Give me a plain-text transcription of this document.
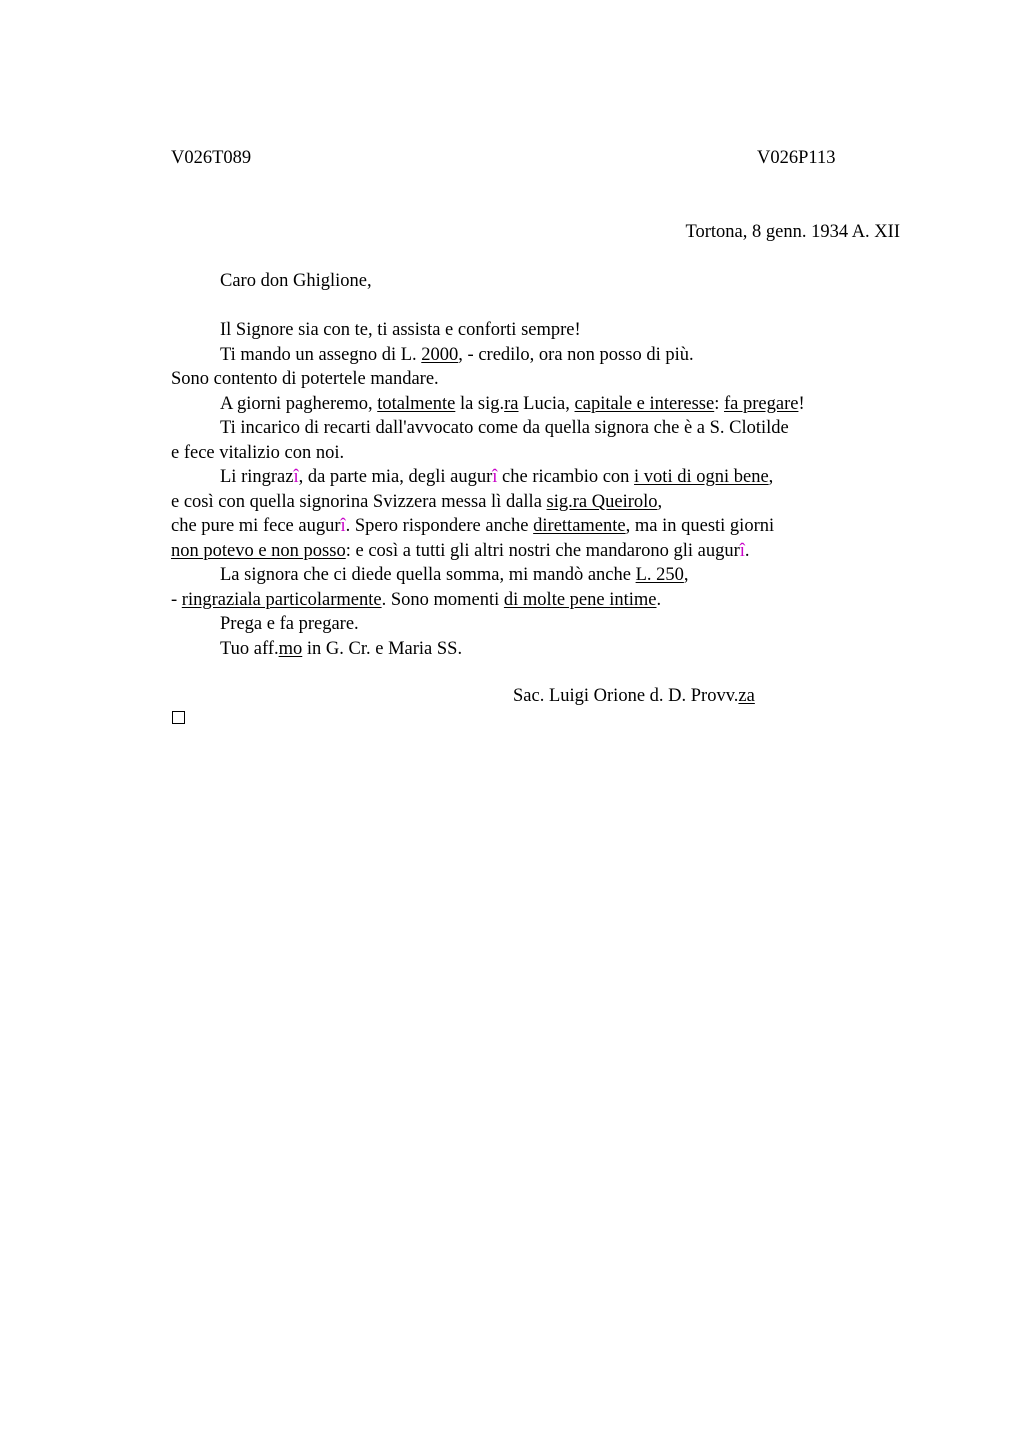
V026T089	V026P113
Tortona, 8 genn. 1934 A. XII
Caro don Ghiglione,
Il Signore sia con te, ti assista e conforti sempre!
Ti mando un assegno di L. 2000, - credilo, ora non posso di più.
Sono contento di potertele mandare.
A giorni pagheremo, totalmente la sig.ra Lucia, capitale e interesse: fa pregare!
Ti incarico di recarti dall'avvocato come da quella signora che è a S. Clotilde
e fece vitalizio con noi.
Li ringrazî, da parte mia, degli augurî che ricambio con i voti di ogni bene,
e così con quella signorina Svizzera messa lì dalla sig.ra Queirolo,
che pure mi fece augurî. Spero rispondere anche direttamente, ma in questi giorni
non potevo e non posso: e così a tutti gli altri nostri che mandarono gli augurî.
La signora che ci diede quella somma, mi mandò anche L. 250,
- ringraziala particolarmente. Sono momenti di molte pene intime.
Prega e fa pregare.
Tuo aff.mo in G. Cr. e Maria SS.
Sac. Luigi Orione d. D. Provv.za
